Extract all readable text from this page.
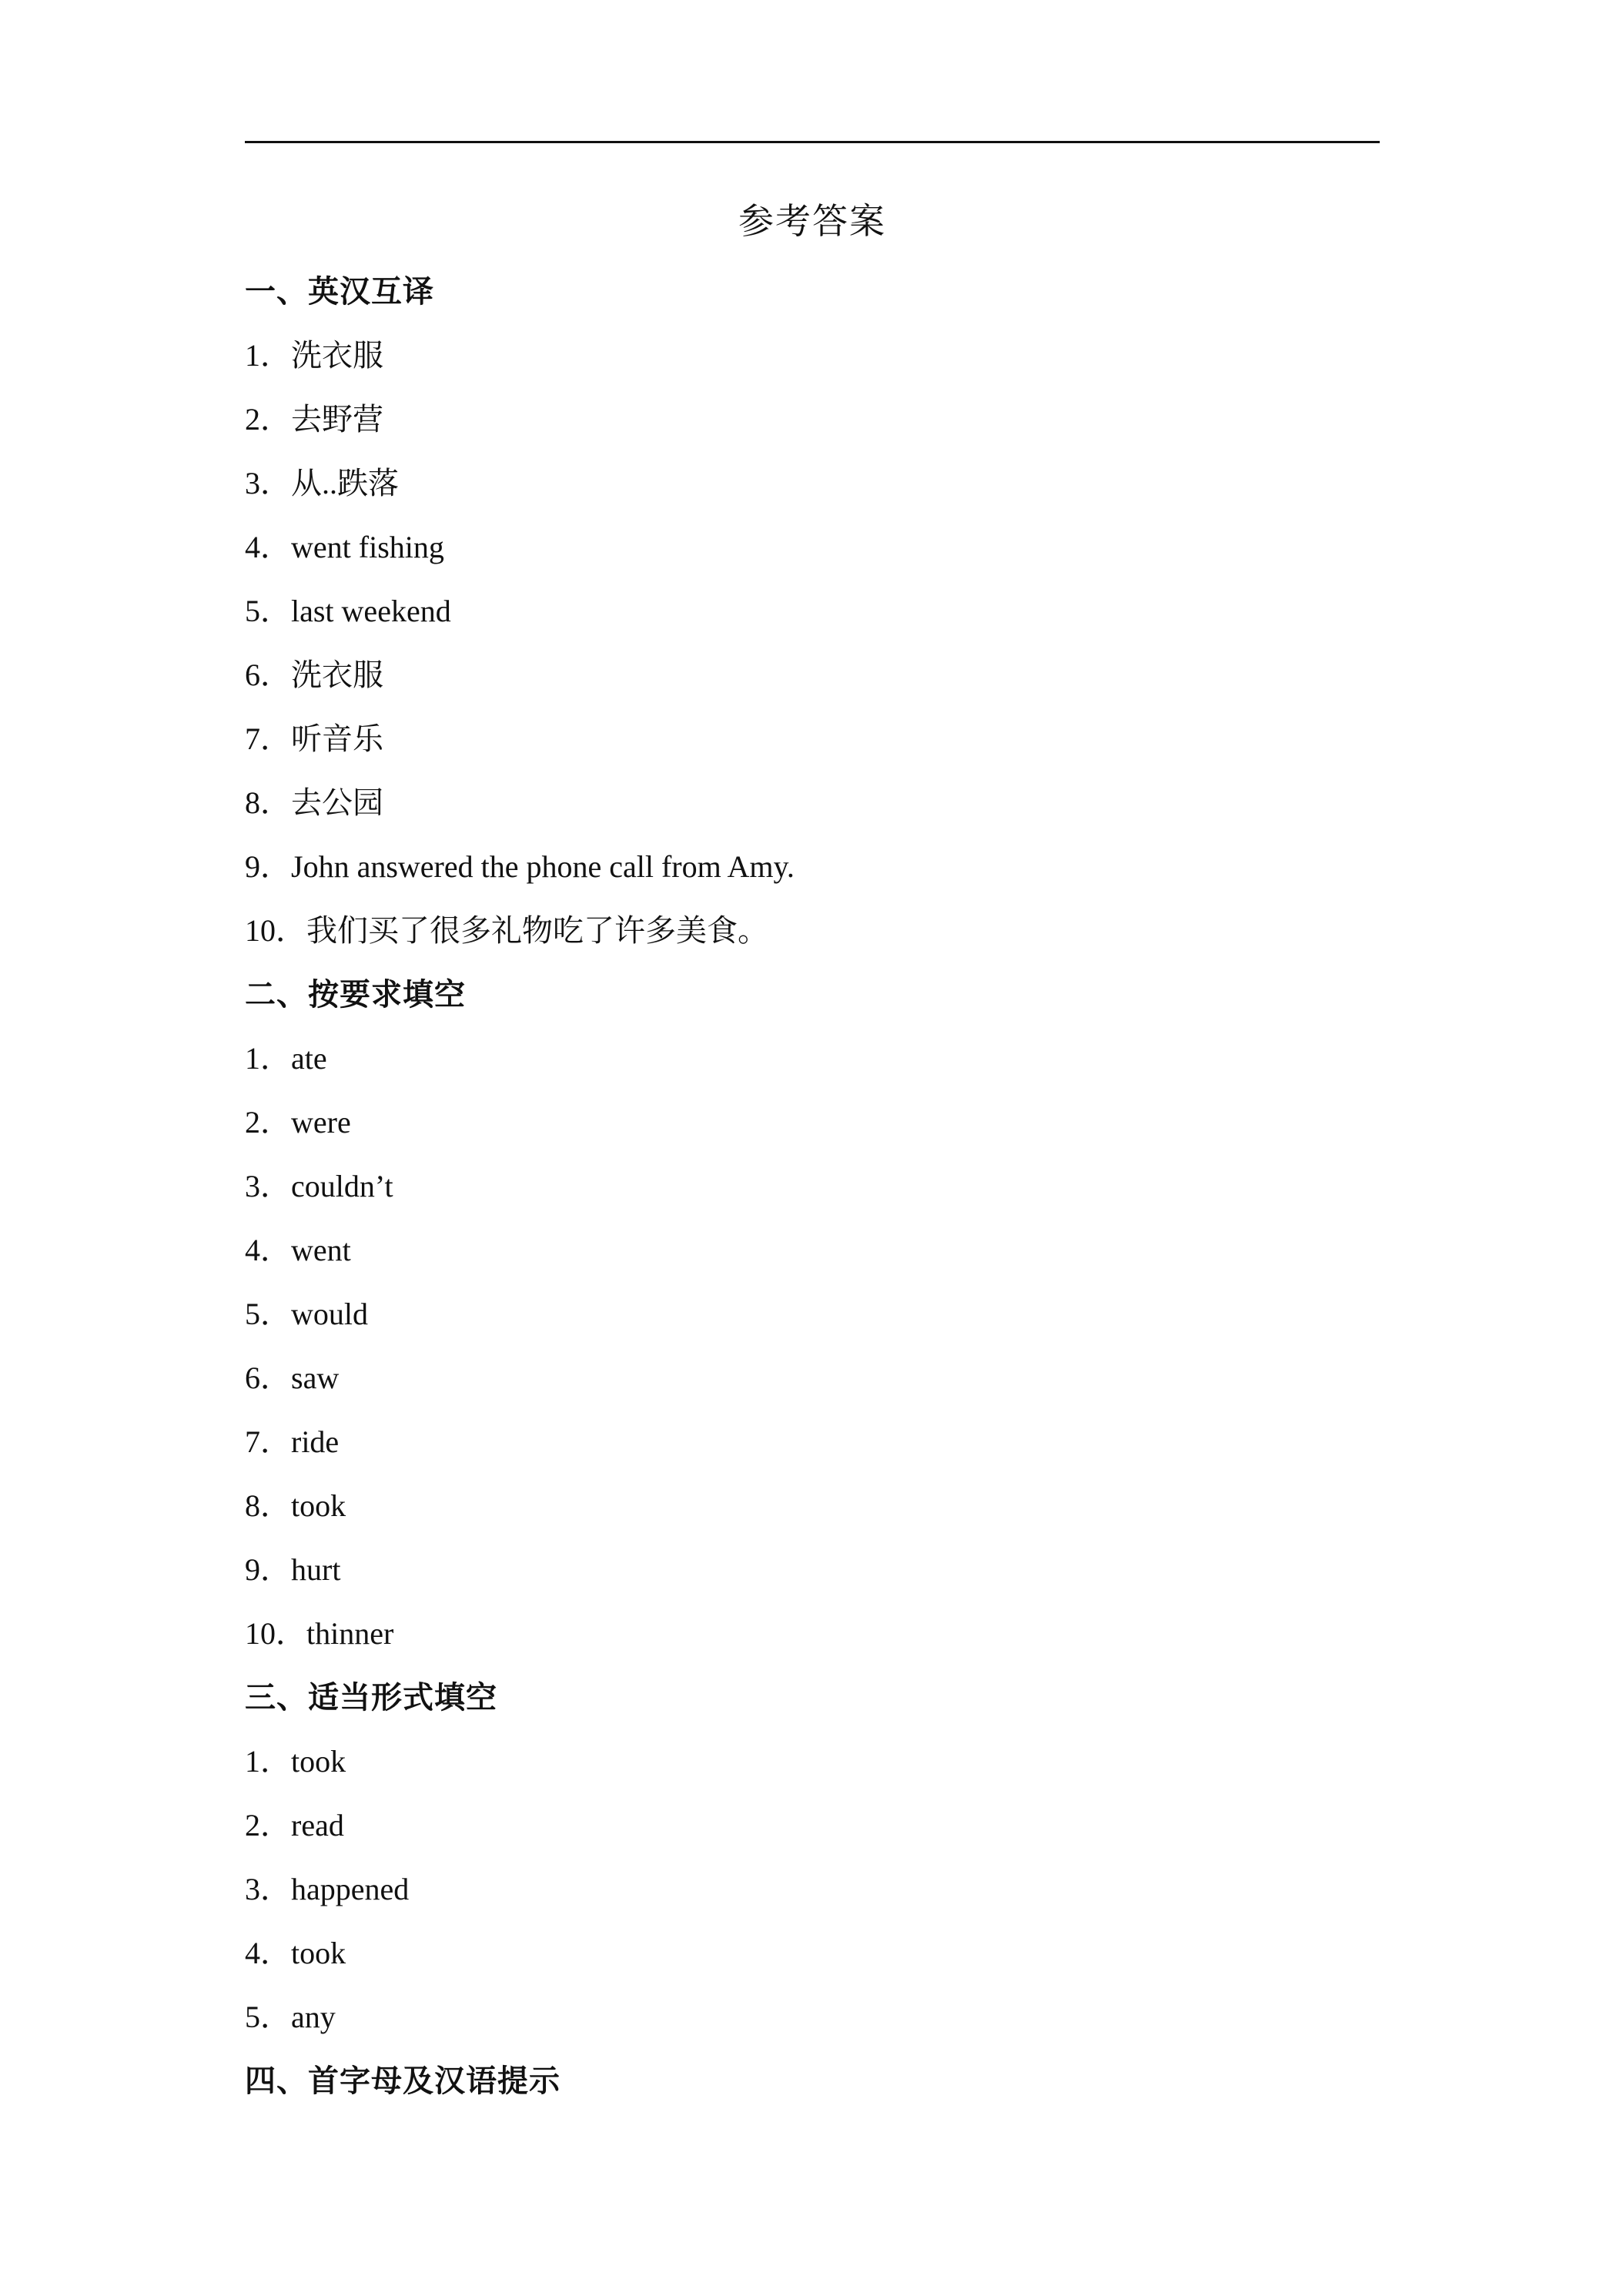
参考答案
一、英汉互译
1．洗衣服
2．去野营
3．从..跌落
4．went fishing
5．last weekend
6．洗衣服
7．听音乐
8．去公园
9．John answered the phone call from Amy.
10．我们买了很多礼物吃了许多美食。
二、按要求填空
1．ate
2．were
3．couldn’t
4．went
5．would
6．saw
7．ride
8．took
9．hurt
10．thinner
三、适当形式填空
1．took
2．read
3．happened
4．took
5．any
四、首字母及汉语提示
